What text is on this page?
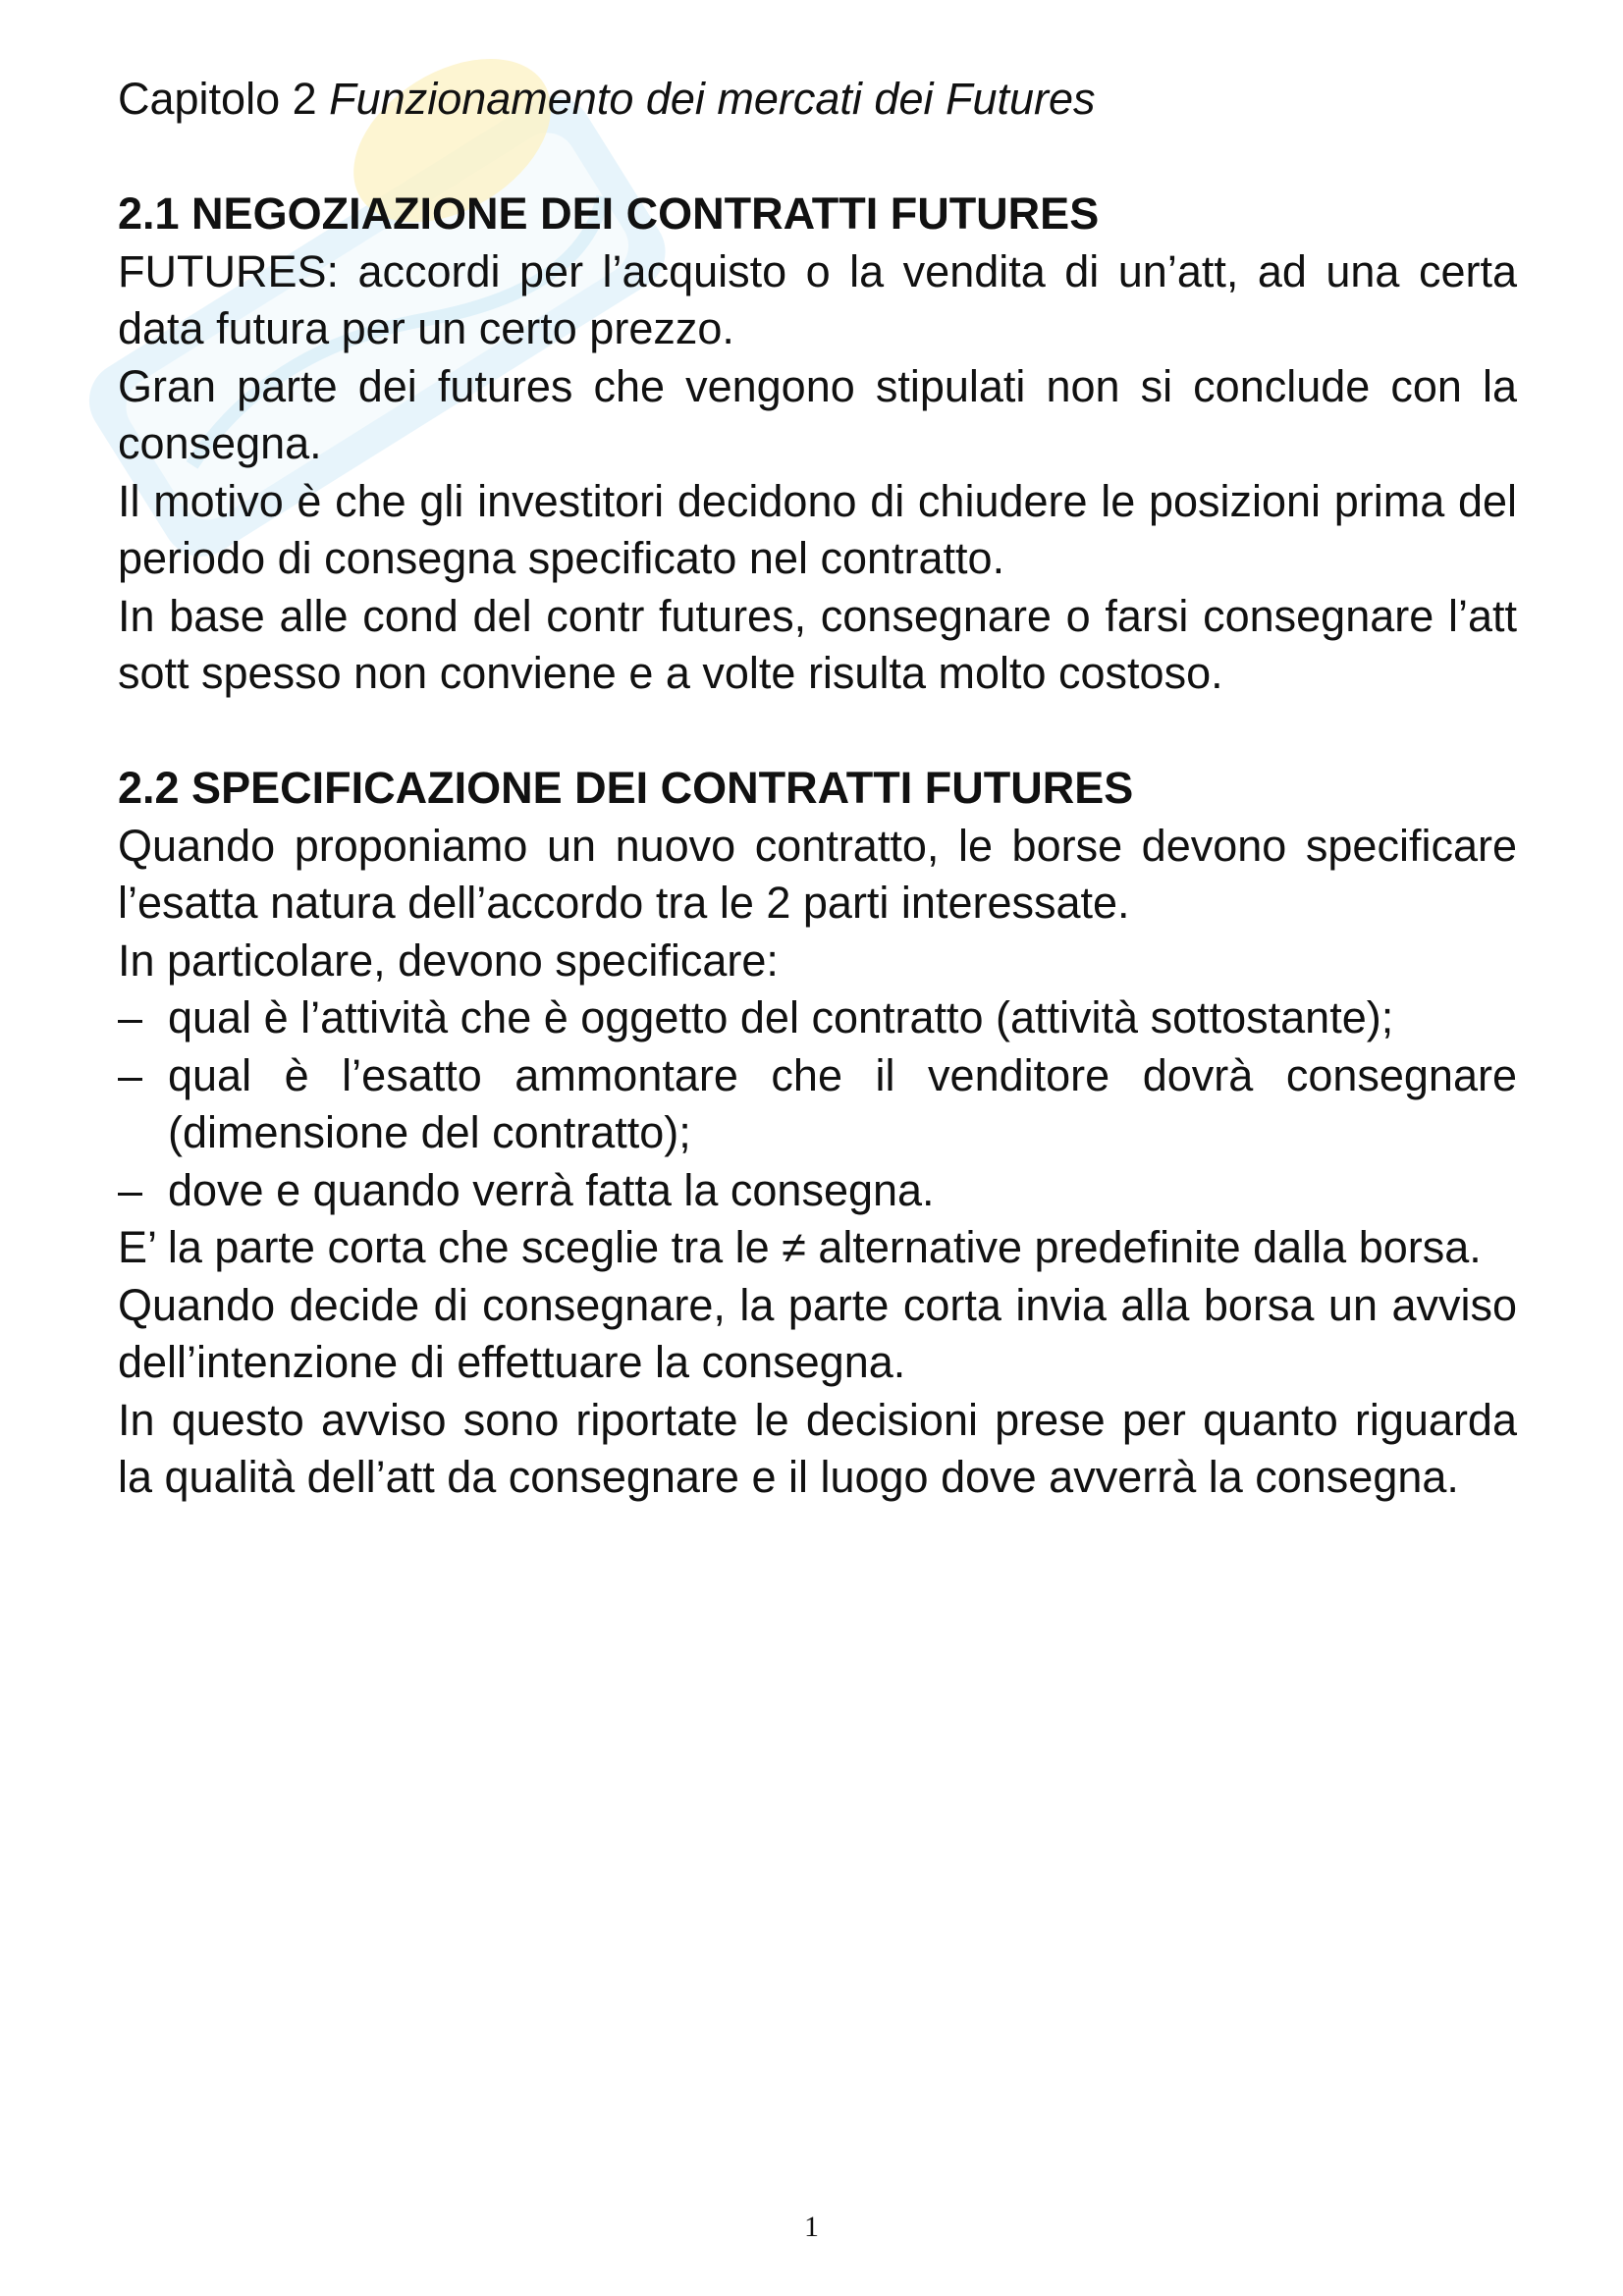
Capitolo 2 Funzionamento dei mercati dei Futures
2.1 NEGOZIAZIONE DEI CONTRATTI FUTURES

FUTURES: accordi per l’acquisto o la vendita di un’att, ad una certa data futura per un certo prezzo.

Gran parte dei futures che vengono stipulati non si conclude con la consegna.

Il motivo è che gli investitori decidono di chiudere le posizioni prima del periodo di consegna specificato nel contratto.

In base alle cond del contr futures, consegnare o farsi consegnare l’att sott spesso non conviene e a volte risulta molto costoso.

2.2 SPECIFICAZIONE DEI CONTRATTI FUTURES

Quando proponiamo un nuovo contratto, le borse devono specificare l’esatta natura dell’accordo tra le 2 parti interessate.

In particolare, devono specificare:

– qual è l’attività che è oggetto del contratto (attività sottostante);
– qual è l’esatto ammontare che il venditore dovrà consegnare (dimensione del contratto);
– dove e quando verrà fatta la consegna.

E’ la parte corta che sceglie tra le ≠ alternative predefinite dalla borsa.

Quando decide di consegnare, la parte corta invia alla borsa un avviso dell’intenzione di effettuare la consegna.

In questo avviso sono riportate le decisioni prese per quanto riguarda la qualità dell’att da consegnare e il luogo dove avverrà la consegna.

1
